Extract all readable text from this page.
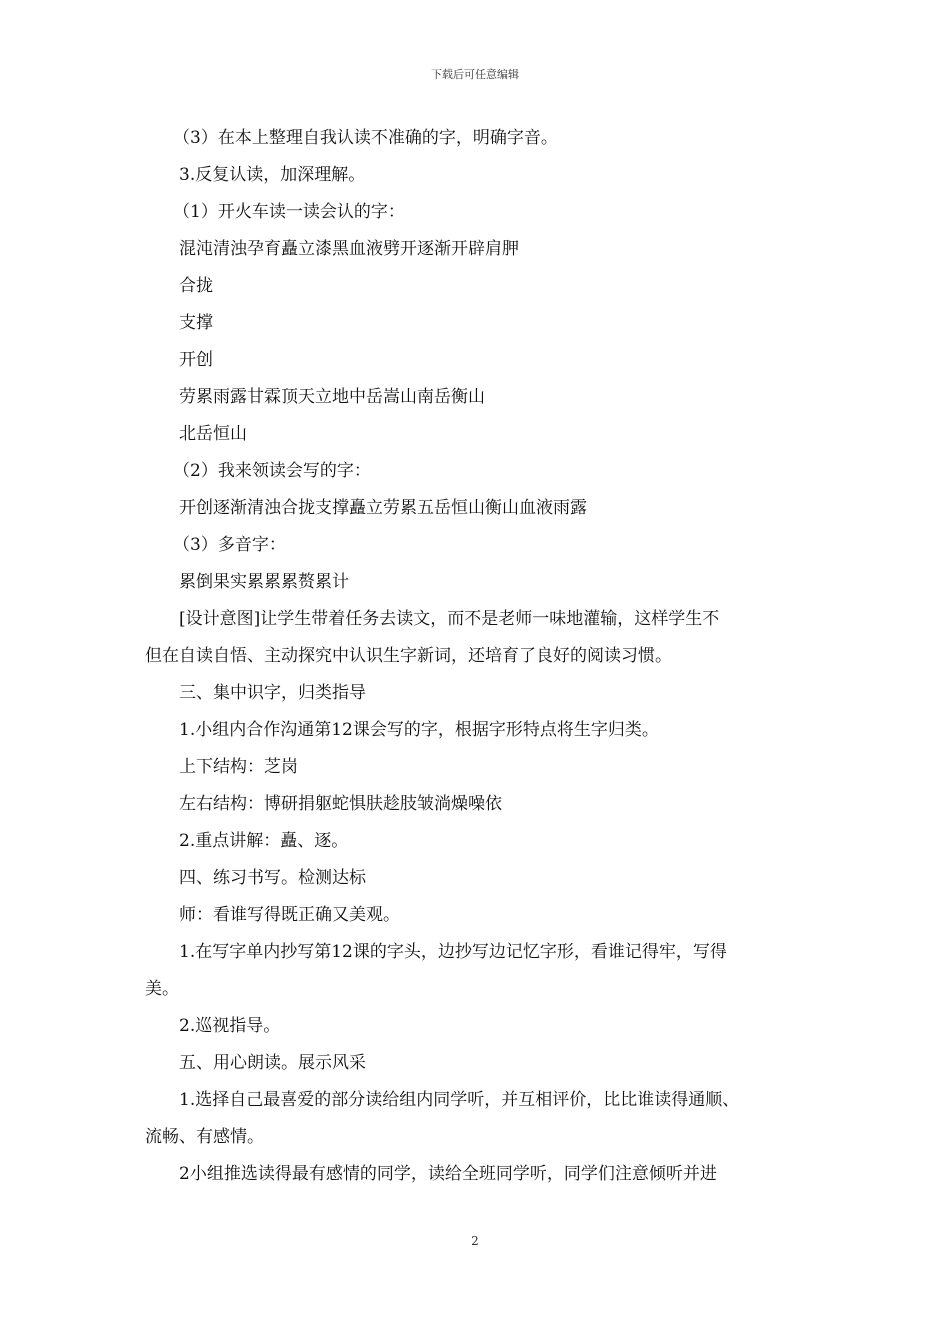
下载后可任意编辑
（3）在本上整理自我认读不准确的字，明确字音。
3.反复认读，加深理解。
（1）开火车读一读会认的字：
混沌清浊孕育矗立漆黑血液劈开逐渐开辟肩胛
合拢
支撑
开创
劳累雨露甘霖顶天立地中岳嵩山南岳衡山
北岳恒山
（2）我来领读会写的字：
开创逐渐清浊合拢支撑矗立劳累五岳恒山衡山血液雨露
（3）多音字：
累倒果实累累累赘累计
[设计意图]让学生带着任务去读文，而不是老师一味地灌输，这样学生不
但在自读自悟、主动探究中认识生字新词，还培育了良好的阅读习惯。
三、集中识字，归类指导
1.小组内合作沟通第12课会写的字，根据字形特点将生字归类。
上下结构：芝岗
左右结构：博研捐躯蛇惧肤趁肢皱淌燥噪依
2.重点讲解：矗、逐。
四、练习书写。检测达标
师：看谁写得既正确又美观。
1.在写字单内抄写第12课的字头，边抄写边记忆字形，看谁记得牢，写得
美。
2.巡视指导。
五、用心朗读。展示风采
1.选择自己最喜爱的部分读给组内同学听，并互相评价，比比谁读得通顺、
流畅、有感情。
2小组推选读得最有感情的同学，读给全班同学听，同学们注意倾听并进
2
